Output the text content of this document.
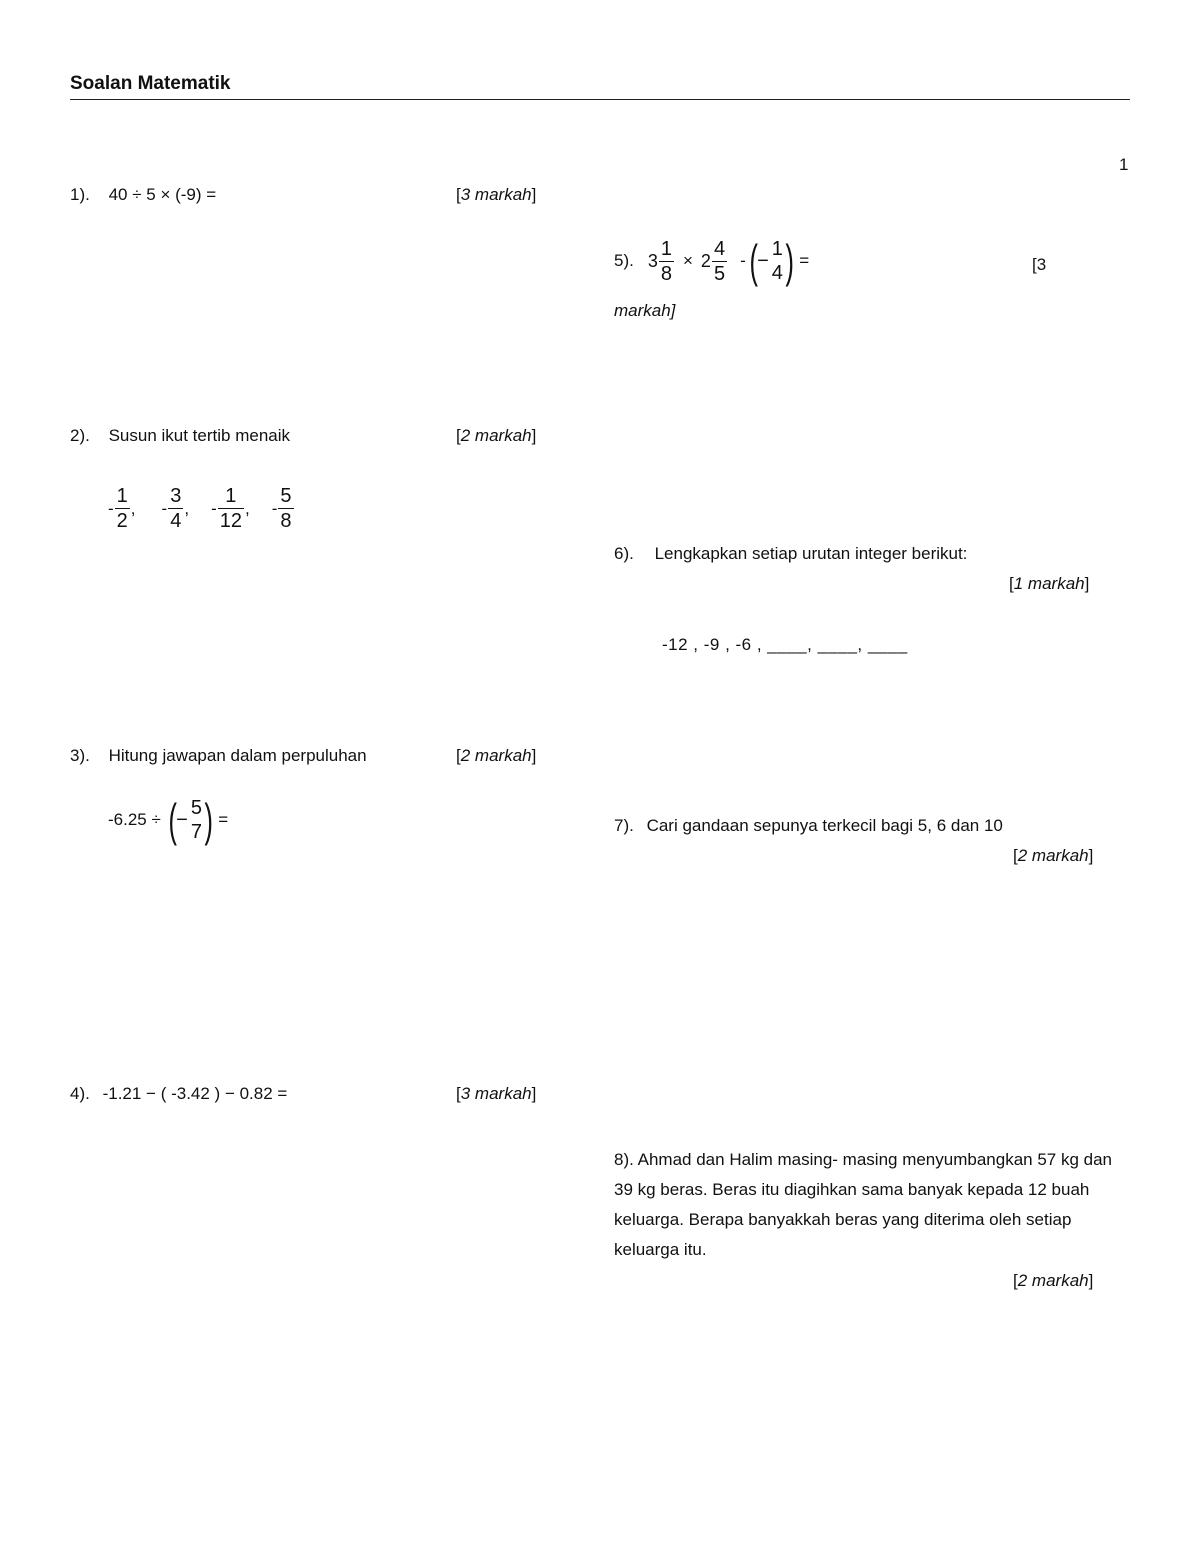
Soalan Matematik
1
1). 40 ÷ 5 × (-9) =	[3 markah]
2). Susun ikut tertib menaik	[2 markah]
- $\frac{1}{2}$ , - $\frac{3}{4}$ , - $\frac{1}{12}$ , - $\frac{5}{8}$
3). Hitung jawapan dalam perpuluhan	[2 markah]
-6.25 ÷ ( −
5
7 ) =
4). -1.21 − ( -3.42 ) − 0.82 =	[3 markah]
5). $3 \frac{1}{8} \times 2 \frac{4}{5}$ - ( −
1
4 ) =	[3
markah]
6). Lengkapkan setiap urutan integer berikut:
[1 markah]
-12 , -9 , -6 , ____, ____, ____
7). Cari gandaan sepunya terkecil bagi 5, 6 dan 10
[2 markah]
8). Ahmad dan Halim masing- masing menyumbangkan 57 kg dan 39 kg beras. Beras itu diagihkan sama banyak kepada 12 buah keluarga. Berapa banyakkah beras yang diterima oleh setiap keluarga itu.
[2 markah]
